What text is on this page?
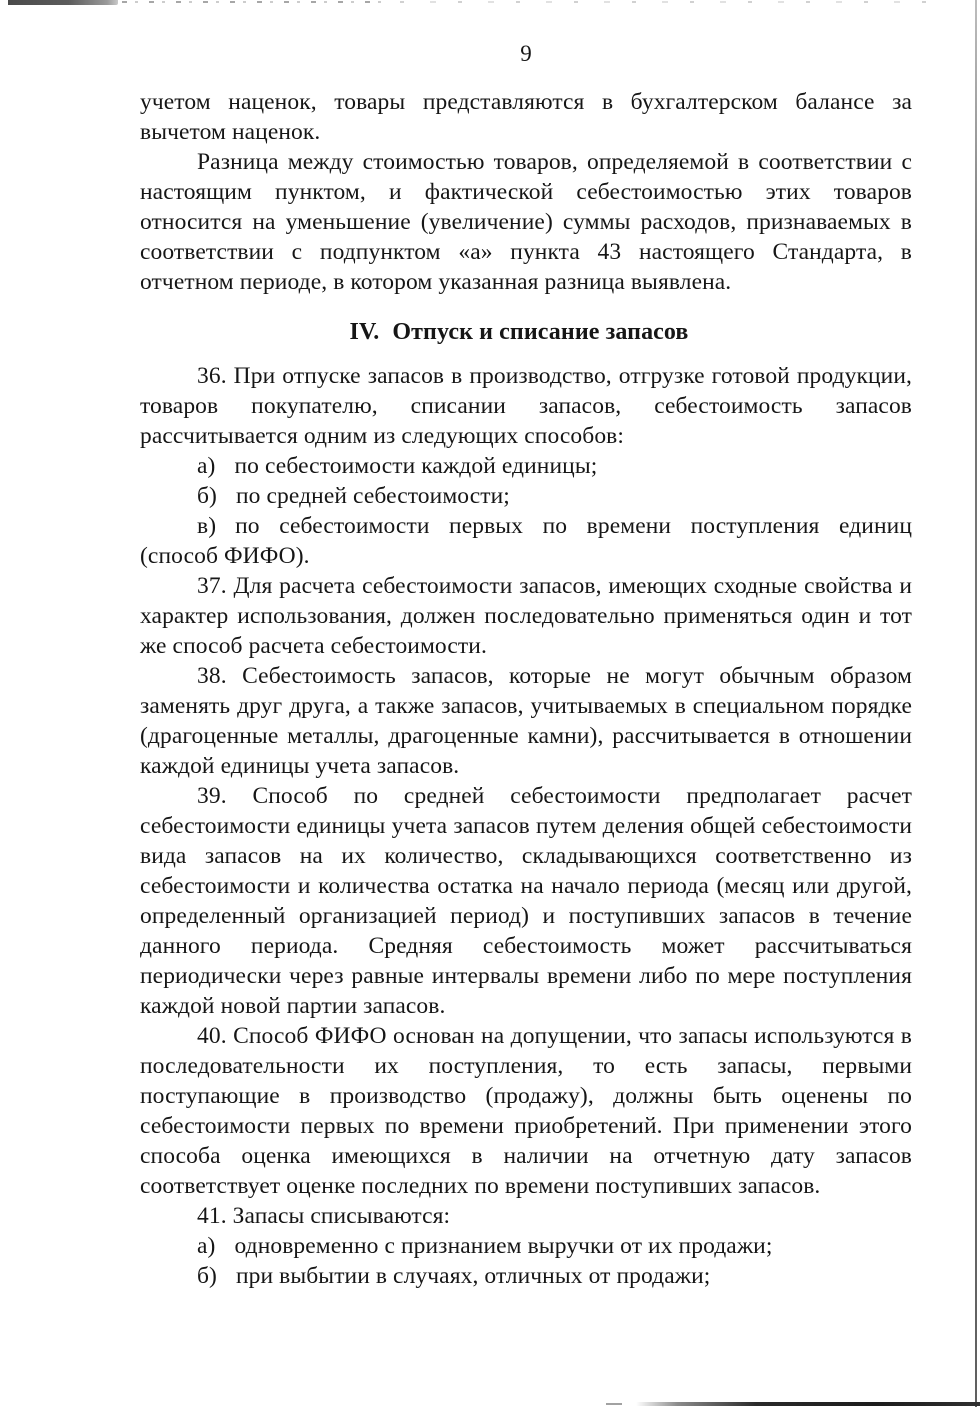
9

учетом наценок, товары представляются в бухгалтерском балансе за вычетом наценок.

Разница между стоимостью товаров, определяемой в соответствии с настоящим пунктом, и фактической себестоимостью этих товаров относится на уменьшение (увеличение) суммы расходов, признаваемых в соответствии с подпунктом «а» пункта 43 настоящего Стандарта, в отчетном периоде, в котором указанная разница выявлена.

IV. Отпуск и списание запасов

36. При отпуске запасов в производство, отгрузке готовой продукции, товаров покупателю, списании запасов, себестоимость запасов рассчитывается одним из следующих способов:

а) по себестоимости каждой единицы;

б) по средней себестоимости;

в) по себестоимости первых по времени поступления единиц (способ ФИФО).

37. Для расчета себестоимости запасов, имеющих сходные свойства и характер использования, должен последовательно применяться один и тот же способ расчета себестоимости.

38. Себестоимость запасов, которые не могут обычным образом заменять друг друга, а также запасов, учитываемых в специальном порядке (драгоценные металлы, драгоценные камни), рассчитывается в отношении каждой единицы учета запасов.

39. Способ по средней себестоимости предполагает расчет себестоимости единицы учета запасов путем деления общей себестоимости вида запасов на их количество, складывающихся соответственно из себестоимости и количества остатка на начало периода (месяц или другой, определенный организацией период) и поступивших запасов в течение данного периода. Средняя себестоимость может рассчитываться периодически через равные интервалы времени либо по мере поступления каждой новой партии запасов.

40. Способ ФИФО основан на допущении, что запасы используются в последовательности их поступления, то есть запасы, первыми поступающие в производство (продажу), должны быть оценены по себестоимости первых по времени приобретений. При применении этого способа оценка имеющихся в наличии на отчетную дату запасов соответствует оценке последних по времени поступивших запасов.

41. Запасы списываются:

а) одновременно с признанием выручки от их продажи;

б) при выбытии в случаях, отличных от продажи;
